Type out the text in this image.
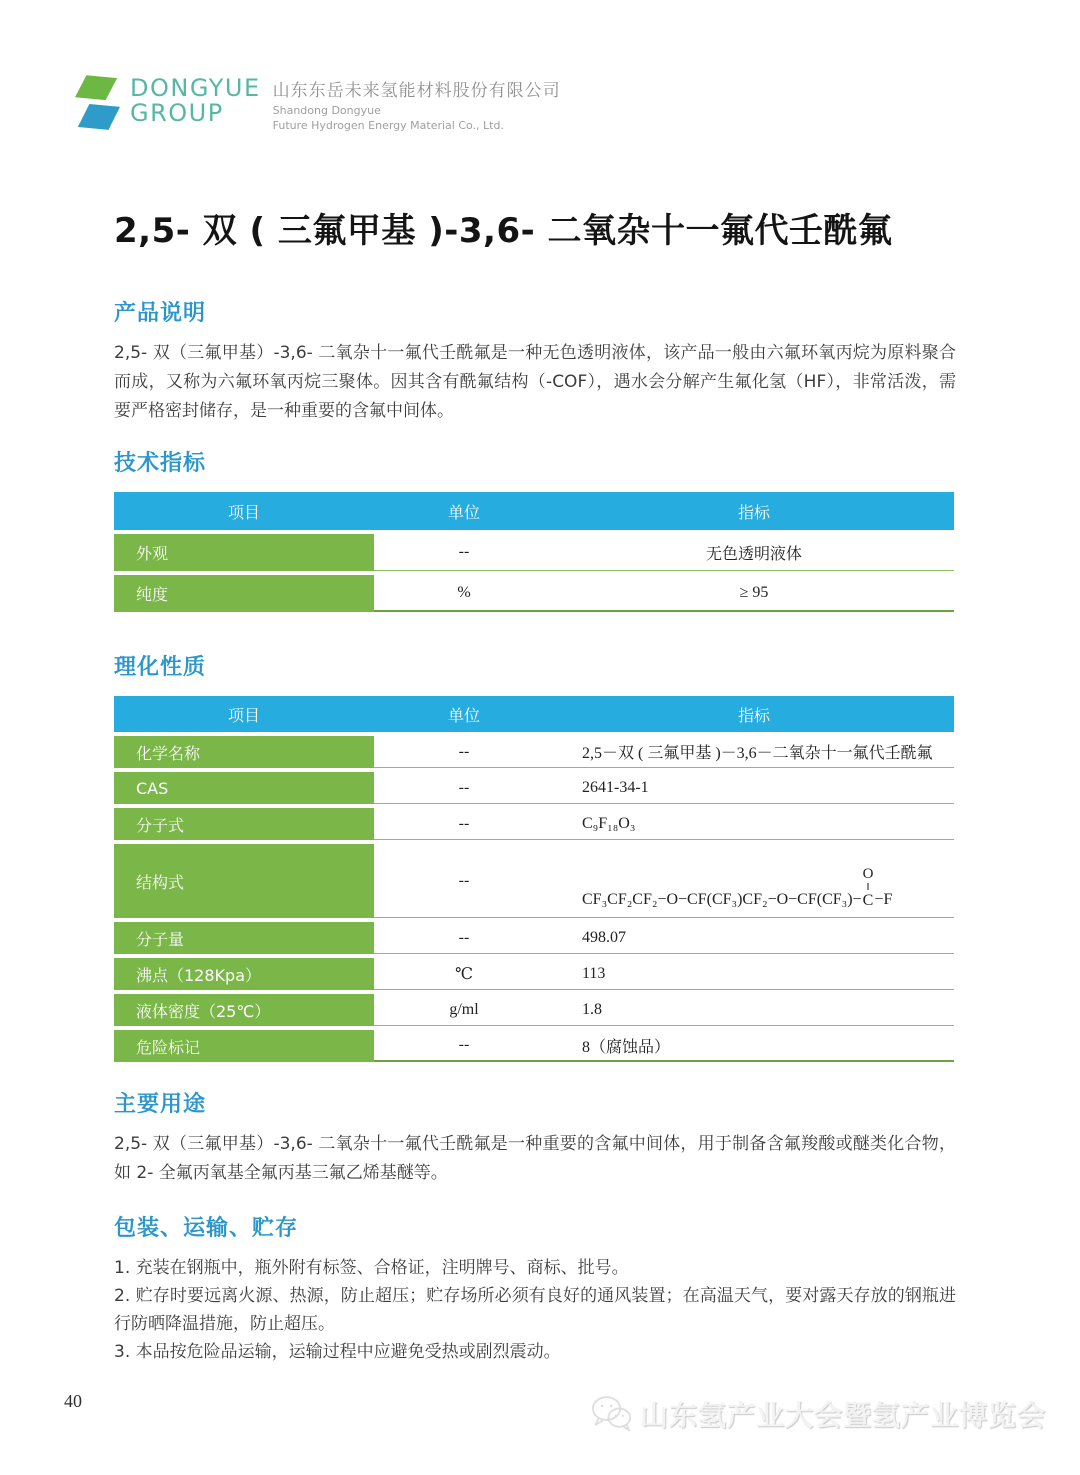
DONGYUE
GROUP
山东东岳未来氢能材料股份有限公司
Shandong Dongyue
Future Hydrogen Energy Material Co., Ltd.
2,5- 双 ( 三氟甲基 )-3,6- 二氧杂十一氟代壬酰氟
产品说明

2,5- 双（三氟甲基）-3,6- 二氧杂十一氟代壬酰氟是一种无色透明液体，该产品一般由六氟环氧丙烷为原料聚合而成，又称为六氟环氧丙烷三聚体。因其含有酰氟结构（-COF），遇水会分解产生氟化氢（HF），非常活泼，需要严格密封储存，是一种重要的含氟中间体。

技术指标
项目	单位	指标
外观	--	无色透明液体
纯度	%	≥ 95
理化性质
项目	单位	指标
化学名称	--	2,5－双 ( 三氟甲基 )－3,6－二氧杂十一氟代壬酰氟
CAS	--	2641-34-1
分子式	--	C₉F₁₈O₃
结构式	--
CF₃CF₂CF₂−O−CF(CF₃)CF₂−O−CF(CF₃)−
O
‖
C −F
分子量	--	498.07
沸点（128Kpa）	℃	113
液体密度（25℃）	g/ml	1.8
危险标记	--	8（腐蚀品）
主要用途

2,5- 双（三氟甲基）-3,6- 二氧杂十一氟代壬酰氟是一种重要的含氟中间体，用于制备含氟羧酸或醚类化合物，如 2- 全氟丙氧基全氟丙基三氟乙烯基醚等。

包装、运输、贮存
1. 充装在钢瓶中，瓶外附有标签、合格证，注明牌号、商标、批号。
2. 贮存时要远离火源、热源，防止超压；贮存场所必须有良好的通风装置；在高温天气，要对露天存放的钢瓶进行防晒降温措施，防止超压。
3. 本品按危险品运输，运输过程中应避免受热或剧烈震动。
40	山东氢产业大会暨氢产业博览会
